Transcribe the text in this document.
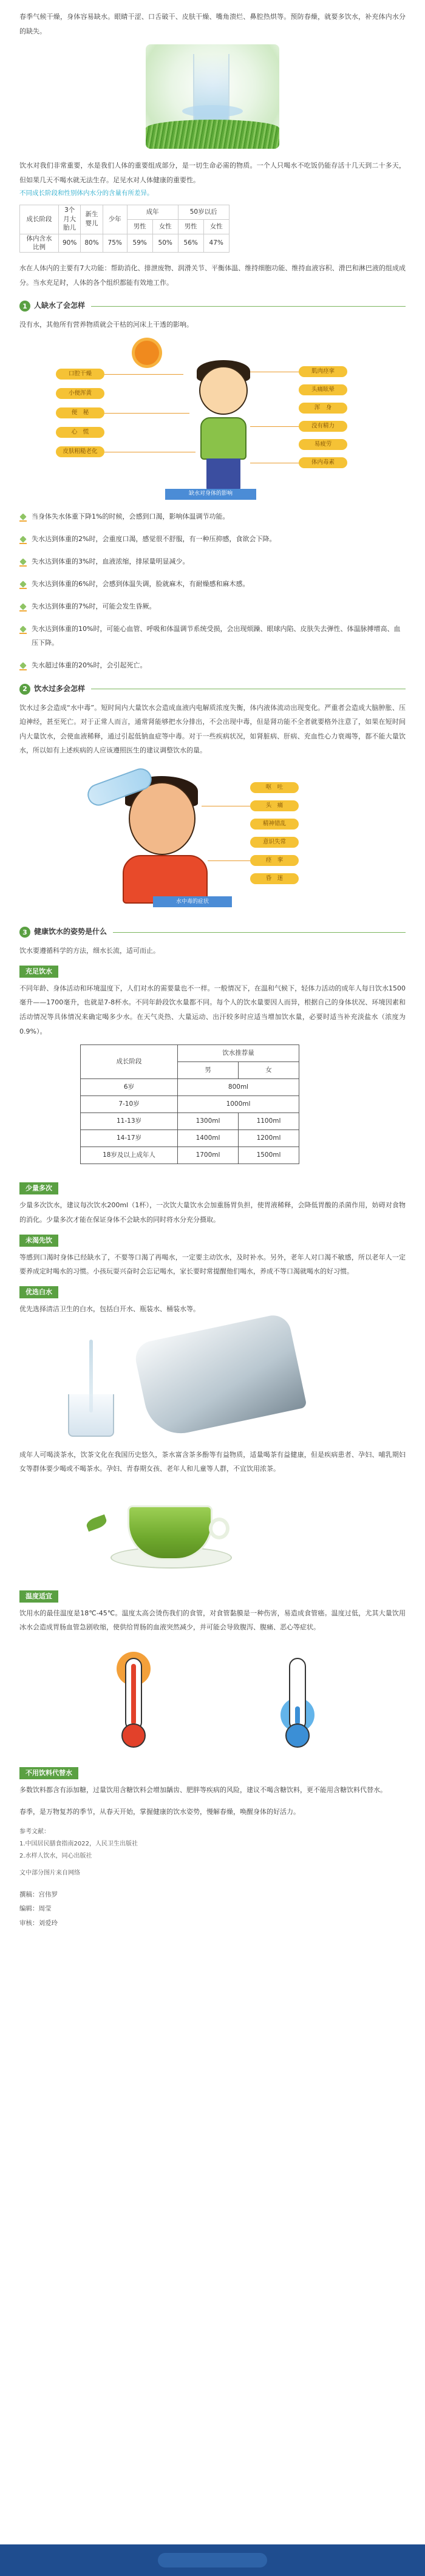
春季气候干燥，身体容易缺水。眼睛干涩、口舌破干、皮肤干燥、嘴角溃烂、鼻腔热烘等。预防春燥，就要多饮水，补充体内水分的缺失。

饮水对我们非常重要，水是我们人体的重要组成部分，是一切生命必需的物质。一个人只喝水不吃饭仍能存活十几天到二十多天，但如果几天不喝水就无法生存。足见水对人体健康的重要性。

不同成长阶段和性别体内水分的含量有所差异。

成长阶段	3个月大胎儿	新生婴儿	少年	成年		50岁以后	
				男性	女性	男性	女性
体内含水比例	90%	80%	75%	59%	50%	56%	47%

水在人体内的主要有7大功能：帮助消化、排泄废物、润滑关节、平衡体温、维持细胞功能、维持血液容积、滑巴和淋巴液的组成成分。当水充足时，人体的各个组织都能有效地工作。

1 人缺水了会怎样

没有水，其他所有营养物质就会干枯的河床上干透的影响。

口腔干燥
小便浑黄
便　秘
心　慌
皮肤粗糙老化
肌肉痉挛
头痛眩晕
浑　身
没有精力
易疲劳
体内毒素
缺水对身体的影响
当身体失水体重下降1%的时候，会感到口渴，影响体温调节功能。
失水达到体重的2%时，会重度口渴，感觉很不舒服，有一种压抑感，食欲会下降。
失水达到体重的3%时，血液浓缩，排尿量明显减少。
失水达到体重的6%时，会感到体温失调，脸就麻木，有耐燥感和麻木感。
失水达到体重的7%时，可能会发生昏厥。
失水达到体重的10%时，可能心血管、呼吸和体温调节系统受损，会出现烦躁、眼球内陷、皮肤失去弹性、体温脉搏增高、血压下降。
失水超过体重的20%时，会引起死亡。
2 饮水过多会怎样

饮水过多会造成“水中毒”。短时间内大量饮水会造成血液内电解质浓度失衡，体内液体流动出现变化。严重者会造成大脑肿胀、压迫神经，甚至死亡。对于正常人而言，通常肾能够把水分排出，不会出现中毒，但是肾功能不全者就要格外注意了，如果在短时间内大量饮水，会使血液稀释，通过引起低钠血症等中毒。对于一些疾病状况，如肾脏病、肝病、充血性心力衰竭等，都不能大量饮水，所以如有上述疾病的人应该遵照医生的建议调整饮水的量。

呕　吐
头　痛
精神错乱
意识失常
痉　挛
昏　迷
水中毒的症状
3 健康饮水的姿势是什么

饮水要遵循科学的方法，细水长流，适可而止。

充足饮水

不同年龄、身体活动和环境温度下，人们对水的需要量也不一样。一般情况下，在温和气候下，轻体力活动的成年人每日饮水1500毫升——1700毫升，也就是7-8杯水。不同年龄段饮水量都不同。每个人的饮水量要因人而异，根据自己的身体状况、环境因素和活动情况等具体情况来确定喝多少水。在天气炎热、大量运动、出汗较多时应适当增加饮水量，必要时适当补充淡盐水（浓度为0.9%）。

成长阶段	饮水推荐量	
	男	女
6岁	800ml	
7-10岁	1000ml	
11-13岁	1300ml	1100ml
14-17岁	1400ml	1200ml
18岁及以上成年人	1700ml	1500ml
少量多次

少量多次饮水，建议每次饮水200ml（1杯），一次饮大量饮水会加重肠胃负担，使胃液稀释，会降低胃酸的杀菌作用，妨碍对食物的消化。少量多次才能在保证身体不会缺水的同时将水分充分摄取。

未渴先饮

等感到口渴时身体已经缺水了，不要等口渴了再喝水，一定要主动饮水，及时补水。另外，老年人对口渴不敏感，所以老年人一定要养成定时喝水的习惯。小孩玩耍兴奋时会忘记喝水，家长要时常提醒他们喝水，养成不等口渴就喝水的好习惯。

优选白水

优先选择清洁卫生的白水，包括白开水、瓶装水、桶装水等。

成年人可喝淡茶水，饮茶文化在我国历史悠久，茶水富含茶多酚等有益物质，适量喝茶有益健康，但是疾病患者、孕妇、哺乳期妇女等群体要少喝或不喝茶水。孕妇、青春期女孩、老年人和儿童等人群，不宜饮用浓茶。

温度适宜

饮用水的最佳温度是18℃-45℃。温度太高会烫伤我们的食管，对食管黏膜是一种伤害，易造成食管癌。温度过低，尤其大量饮用冰水会造成胃肠血管急剧收缩，使供给胃肠的血液突然减少，并可能会导致腹泻、腹痛、恶心等症状。

不用饮料代替水

多数饮料都含有添加糖，过量饮用含糖饮料会增加龋齿、肥胖等疾病的风险，建议不喝含糖饮料，更不能用含糖饮料代替水。

春季，是万物复苏的季节，从春天开始，掌握健康的饮水姿势，慢解春燥，唤醒身体的好活力。

参考文献：
1.中国居民膳食指南2022，人民卫生出版社
2.水样人饮水，同心出版社
文中部分图片来自网络
撰稿：宫伟罗
编辑：周莹
审核：刘爱玲
